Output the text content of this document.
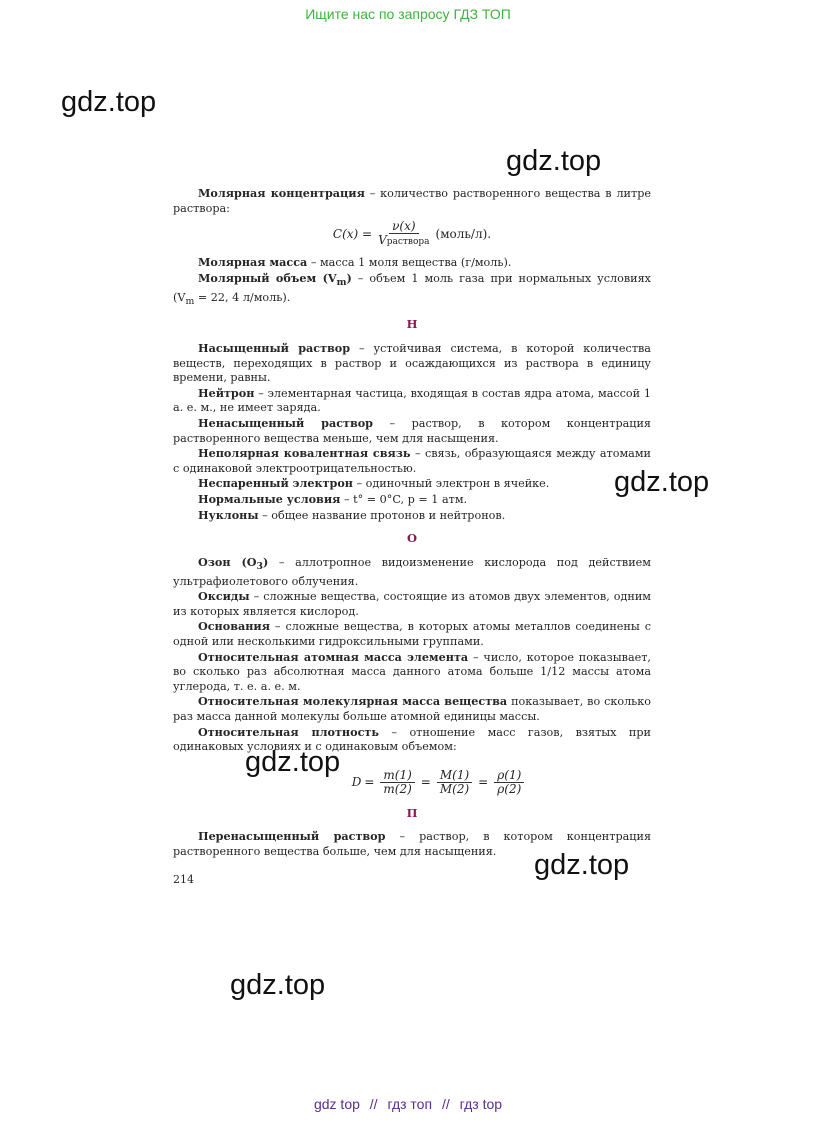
Ищите нас по запросу ГДЗ ТОП
gdz.top
gdz.top
gdz.top
gdz.top
gdz.top
gdz.top

Молярная концентрация – количество растворенного вещества в литре раствора:

$C(x) = \frac{\nu(x)}{\text{Vраствора}}$ (моль/л).

Молярная масса – масса 1 моля вещества (г/моль).

Молярный объем $(V_m)$ – объем 1 моль газа при нормальных условиях ($V_m = 22$, 4 л/моль).

Н

Насыщенный раствор – устойчивая система, в которой количества веществ, переходящих в раствор и осаждающихся из раствора в единицу времени, равны.

Нейтрон – элементарная частица, входящая в состав ядра атома, массой 1 а. е. м., не имеет заряда.

Ненасыщенный раствор – раствор, в котором концентрация растворенного вещества меньше, чем для насыщения.

Неполярная ковалентная связь – связь, образующаяся между атомами с одинаковой электроотрицательностью.

Неспаренный электрон – одиночный электрон в ячейке.

Нормальные условия – t° = 0°C, p = 1 атм.

Нуклоны – общее название протонов и нейтронов.

О

Озон $(O_3)$ – аллотропное видоизменение кислорода под действием ультрафиолетового облучения.

Оксиды – сложные вещества, состоящие из атомов двух элементов, одним из которых является кислород.

Основания – сложные вещества, в которых атомы металлов соединены с одной или несколькими гидроксильными группами.

Относительная атомная масса элемента – число, которое показывает, во сколько раз абсолютная масса данного атома больше 1/12 массы атома углерода, т. е. а. е. м.

Относительная молекулярная масса вещества показывает, во сколько раз масса данной молекулы больше атомной единицы массы.

Относительная плотность – отношение масс газов, взятых при одинаковых условиях и с одинаковым объемом:

$D = \frac{m(1)}{m(2)} = \frac{M(1)}{M(2)} = \frac{\rho(1)}{\rho(2)}$
П

Перенасыщенный раствор – раствор, в котором концентрация растворенного вещества больше, чем для насыщения.

214
gdz top // гдз топ // гдз top
